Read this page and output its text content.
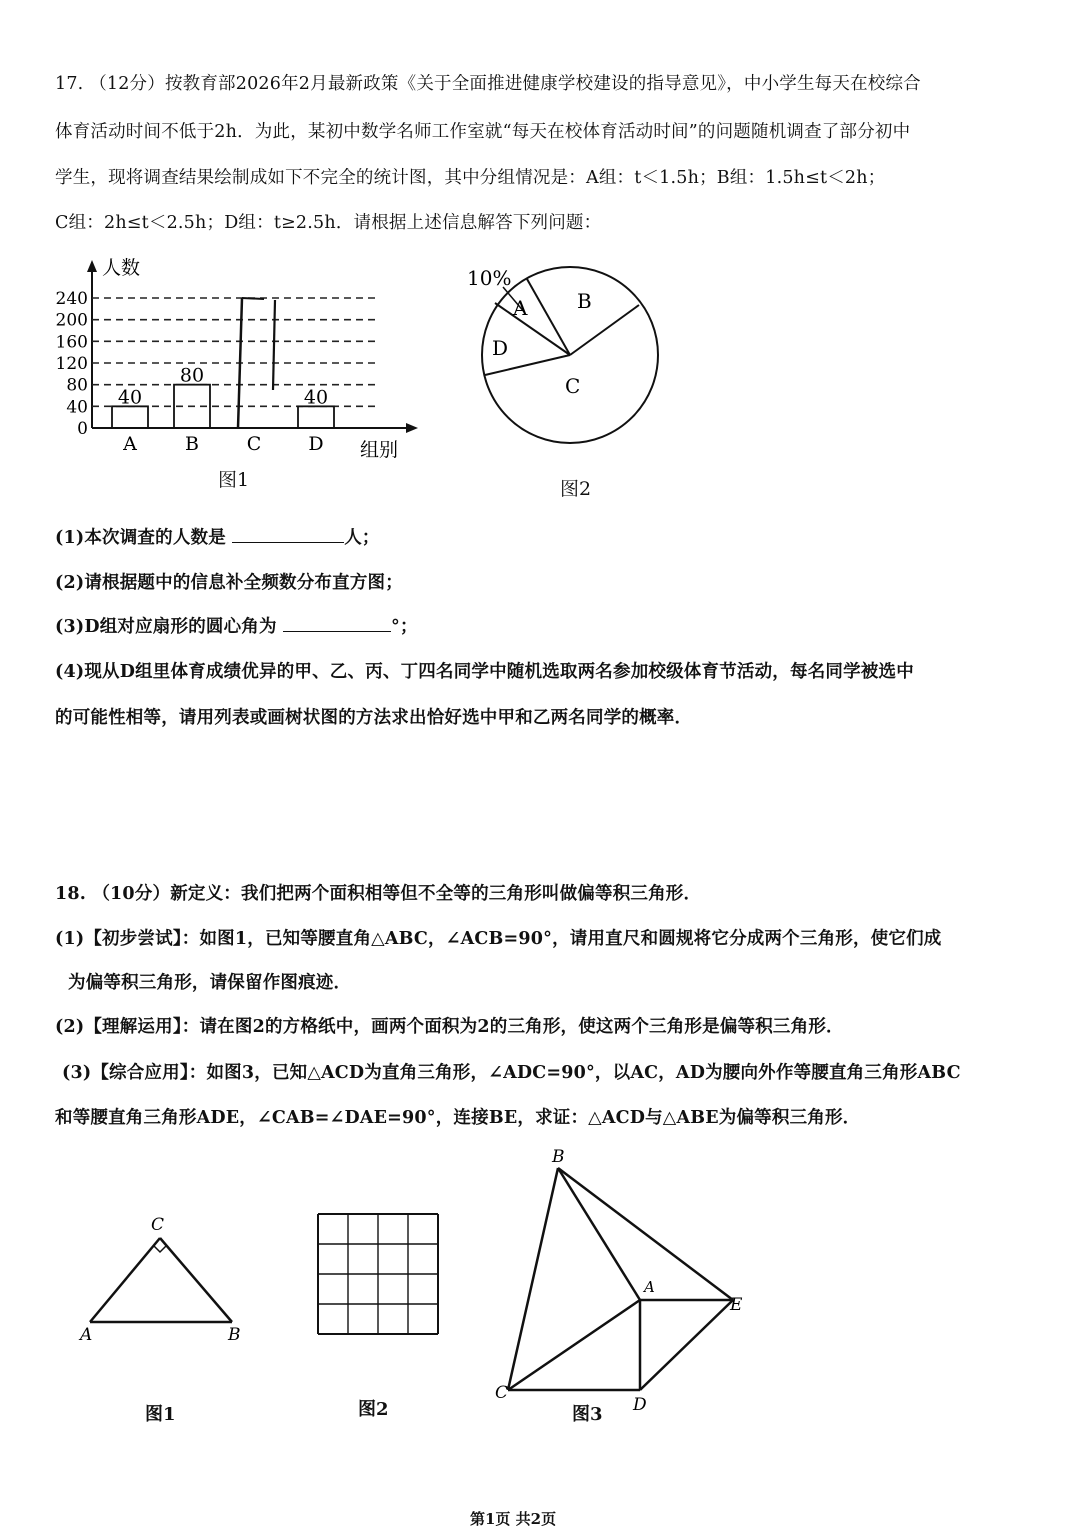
17. （12分）按教育部2026年2月最新政策《关于全面推进健康学校建设的指导意见》，中小学生每天在校综合
体育活动时间不低于2h．为此，某初中数学名师工作室就“每天在校体育活动时间”的问题随机调查了部分初中
学生，现将调查结果绘制成如下不完全的统计图，其中分组情况是：A组：t＜1.5h；B组：1.5h≤t＜2h；
C组：2h≤t＜2.5h；D组：t≥2.5h．请根据上述信息解答下列问题：
人数
组别
0
40
80
120
160
200
240
A
40
B
80
C D
40
图1
10%
A B
D
C
图2
(1)本次调查的人数是	人；
(2)请根据题中的信息补全频数分布直方图；
(3)D组对应扇形的圆心角为	°；
(4)现从D组里体育成绩优异的甲、乙、丙、丁四名同学中随机选取两名参加校级体育节活动，每名同学被选中
的可能性相等，请用列表或画树状图的方法求出恰好选中甲和乙两名同学的概率．
18. （10分）新定义：我们把两个面积相等但不全等的三角形叫做偏等积三角形．
(1)【初步尝试】：如图1，已知等腰直角△ABC，∠ACB=90°，请用直尺和圆规将它分成两个三角形，使它们成
为偏等积三角形，请保留作图痕迹．
(2)【理解运用】：请在图2的方格纸中，画两个面积为2的三角形，使这两个三角形是偏等积三角形．
(3)【综合应用】：如图3，已知△ACD为直角三角形，∠ADC=90°，以AC，AD为腰向外作等腰直角三角形ABC
和等腰直角三角形ADE，∠CAB=∠DAE=90°，连接BE，求证：△ACD与△ABE为偏等积三角形．
A	B
C
图1	图2
B
A
E
C
D
图3
第1页 共2页
